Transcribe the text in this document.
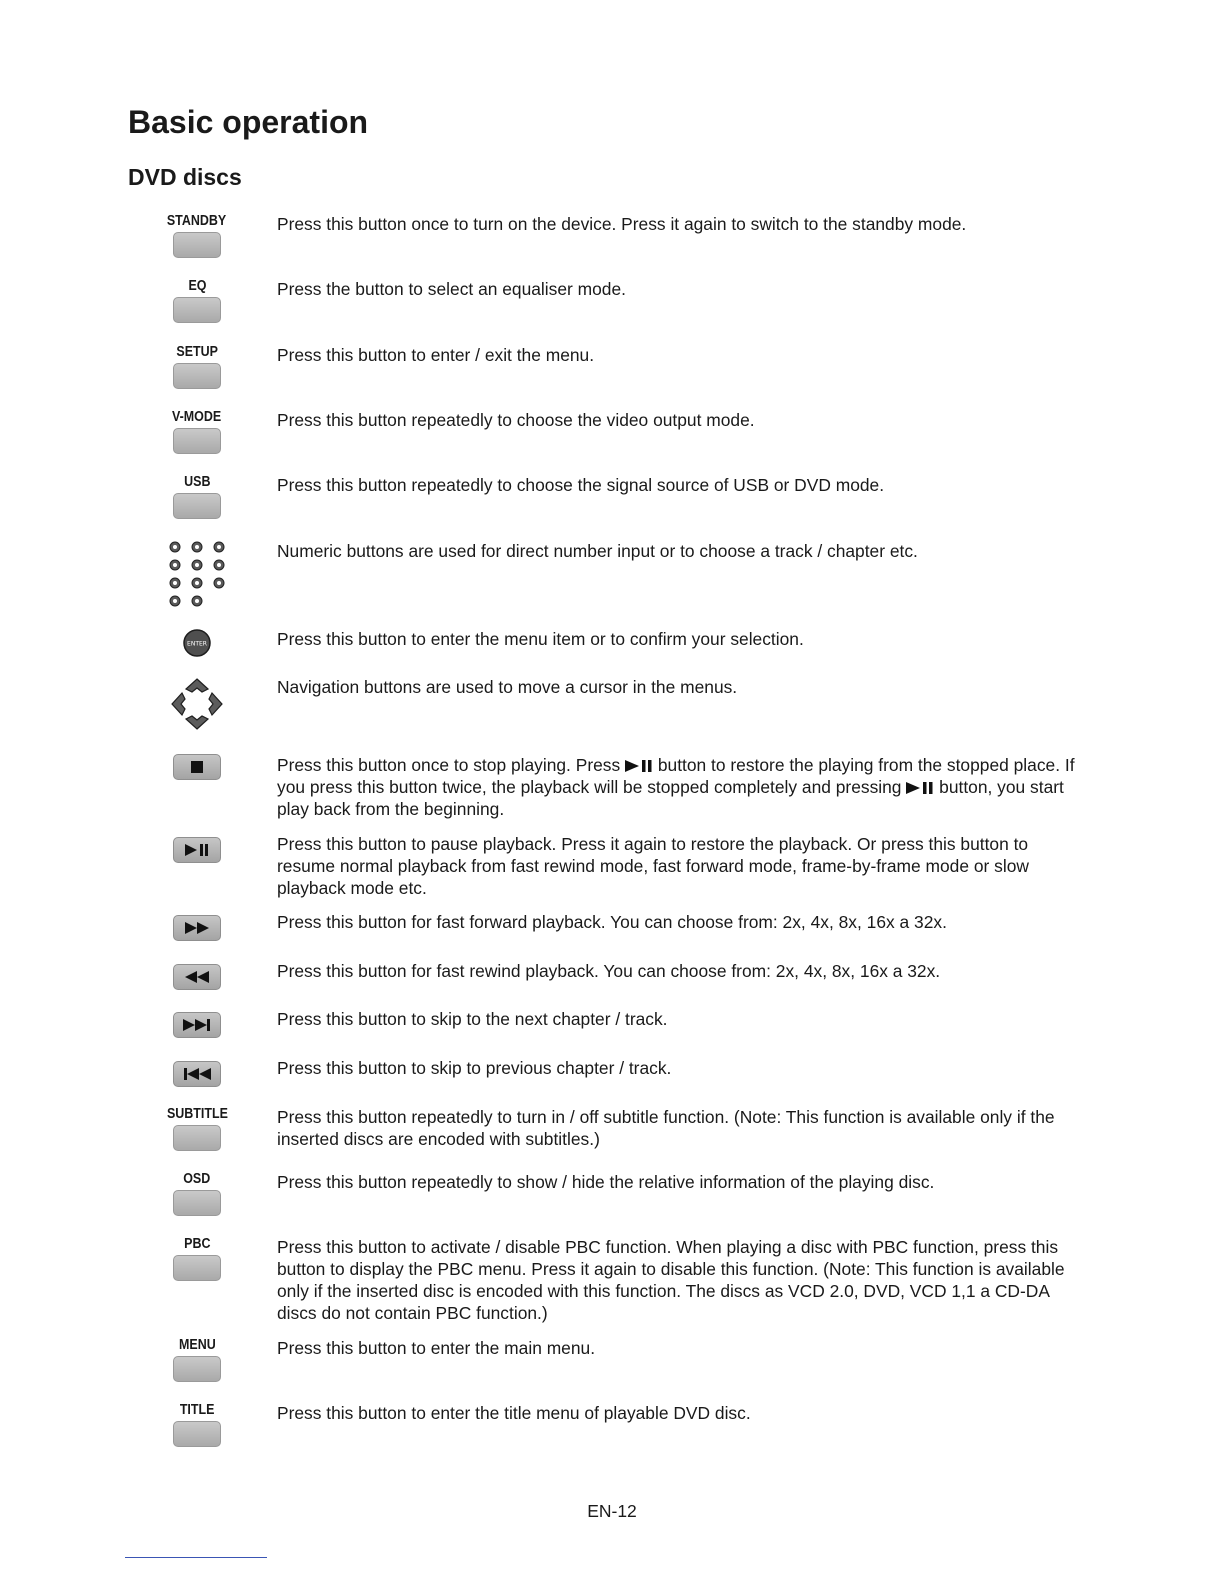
Basic operation
DVD discs
STANDBY	Press this button once to turn on the device. Press it again to switch to the standby mode.
EQ	Press the button to select an equaliser mode.
SETUP	Press this button to enter / exit the menu.
V-MODE	Press this button repeatedly to choose the video output mode.
USB	Press this button repeatedly to choose the signal source of USB or DVD mode.
Numeric buttons are used for direct number input or to choose a track / chapter etc.
ENTER	Press this button to enter the menu item or to confirm your selection.
Navigation buttons are used to move a cursor in the menus.
Press this button once to stop playing. Press button to restore the playing from the stopped place. If you press this button twice, the playback will be stopped completely and pressing button, you start play back from the beginning.
Press this button to pause playback. Press it again to restore the playback. Or press this button to resume normal playback from fast rewind mode, fast forward mode, frame-by-frame mode or slow playback mode etc.
Press this button for fast forward playback. You can choose from: 2x, 4x, 8x, 16x a 32x.
Press this button for fast rewind playback. You can choose from: 2x, 4x, 8x, 16x a 32x.
Press this button to skip to the next chapter / track.
Press this button to skip to previous chapter / track.
SUBTITLE	Press this button repeatedly to turn in / off subtitle function. (Note: This function is available only if the inserted discs are encoded with subtitles.)
OSD	Press this button repeatedly to show / hide the relative information of the playing disc.
PBC	Press this button to activate / disable PBC function. When playing a disc with PBC function, press this button to display the PBC menu. Press it again to disable this function. (Note: This function is available only if the inserted disc is encoded with this function. The discs as VCD 2.0, DVD, VCD 1,1 a CD-DA discs do not contain PBC function.)
MENU	Press this button to enter the main menu.
TITLE	Press this button to enter the title menu of playable DVD disc.
EN-12
